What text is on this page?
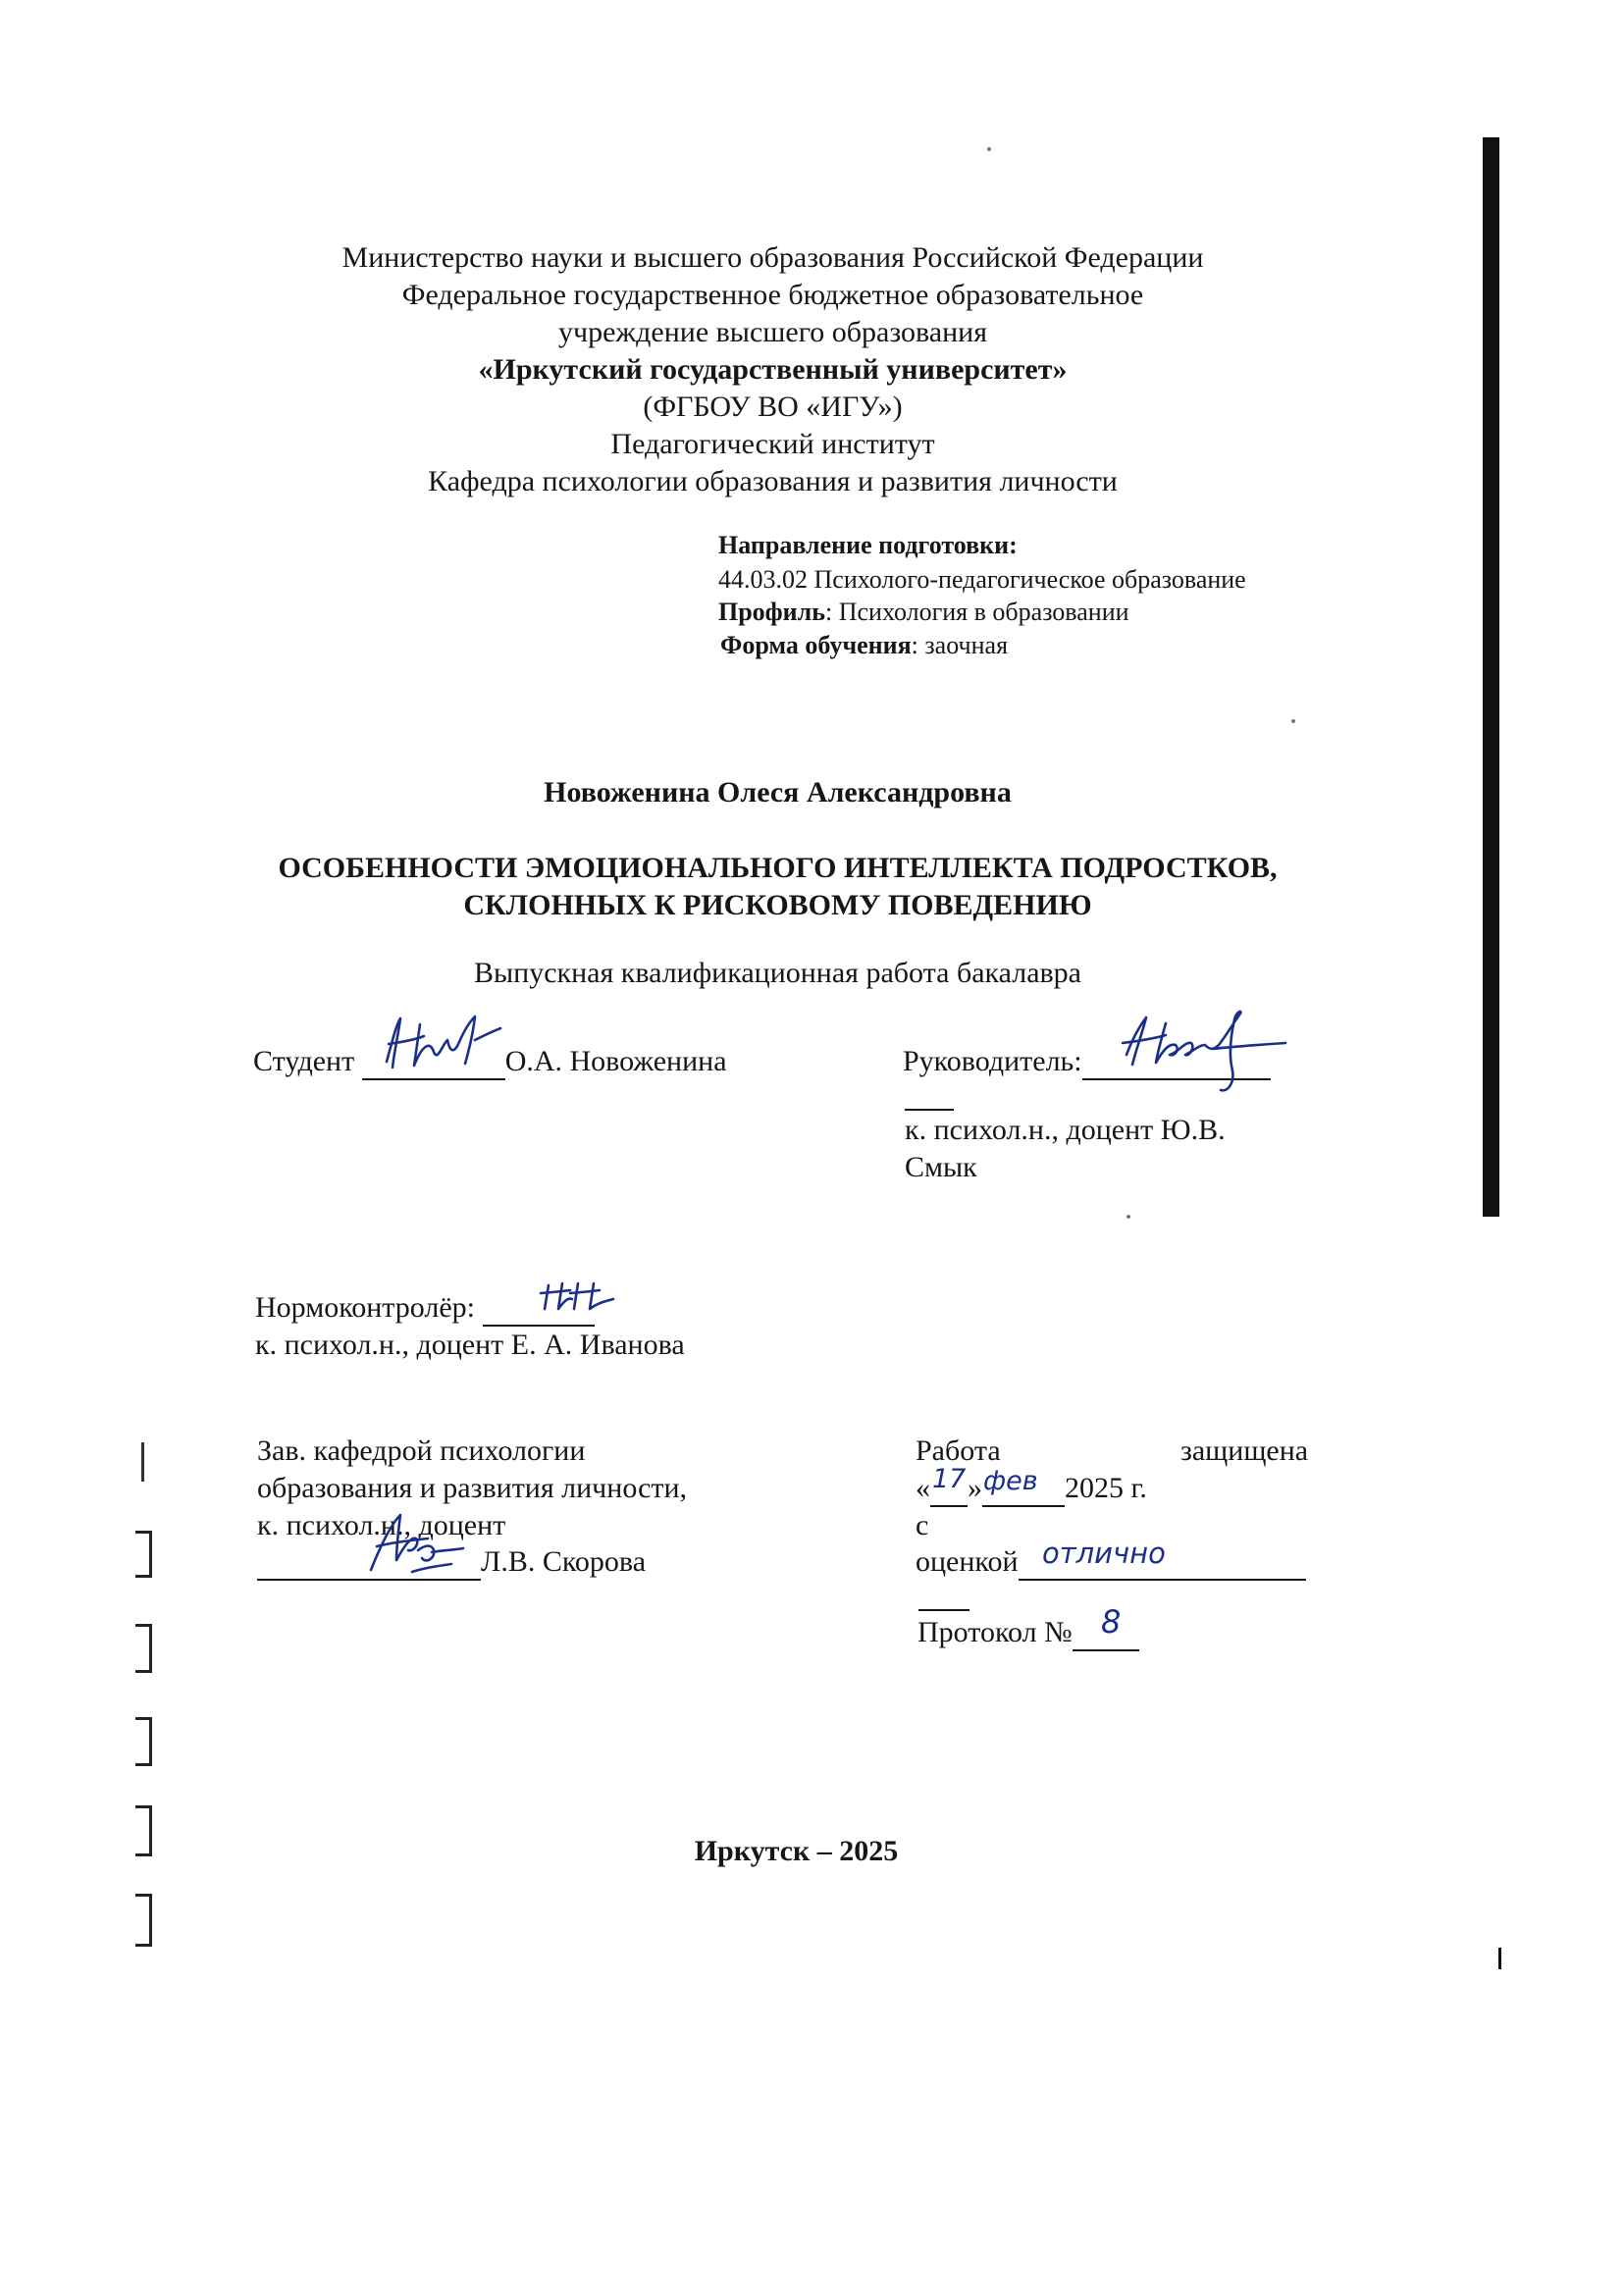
Министерство науки и высшего образования Российской Федерации
Федеральное государственное бюджетное образовательное
учреждение высшего образования
«Иркутский государственный университет»
(ФГБОУ ВО «ИГУ»)
Педагогический институт
Кафедра психологии образования и развития личности
Направление подготовки:
44.03.02 Психолого-педагогическое образование
Профиль: Психология в образовании
Форма обучения: заочная
Новоженина Олеся Александровна
ОСОБЕННОСТИ ЭМОЦИОНАЛЬНОГО ИНТЕЛЛЕКТА ПОДРОСТКОВ,
СКЛОННЫХ К РИСКОВОМУ ПОВЕДЕНИЮ
Выпускная квалификационная работа бакалавра
Студент	О.А. Новоженина	Руководитель:
к. психол.н., доцент Ю.В.
Смык
Нормоконтролёр:
к. психол.н., доцент Е. А. Иванова
Зав. кафедрой психологии
образования и развития личности,
к. психол.н., доцент
Л.В. Скорова
Работа	защищена
« »	2025 г.
17 фев
с
оценкой отлично
Протокол № 8
Иркутск – 2025
